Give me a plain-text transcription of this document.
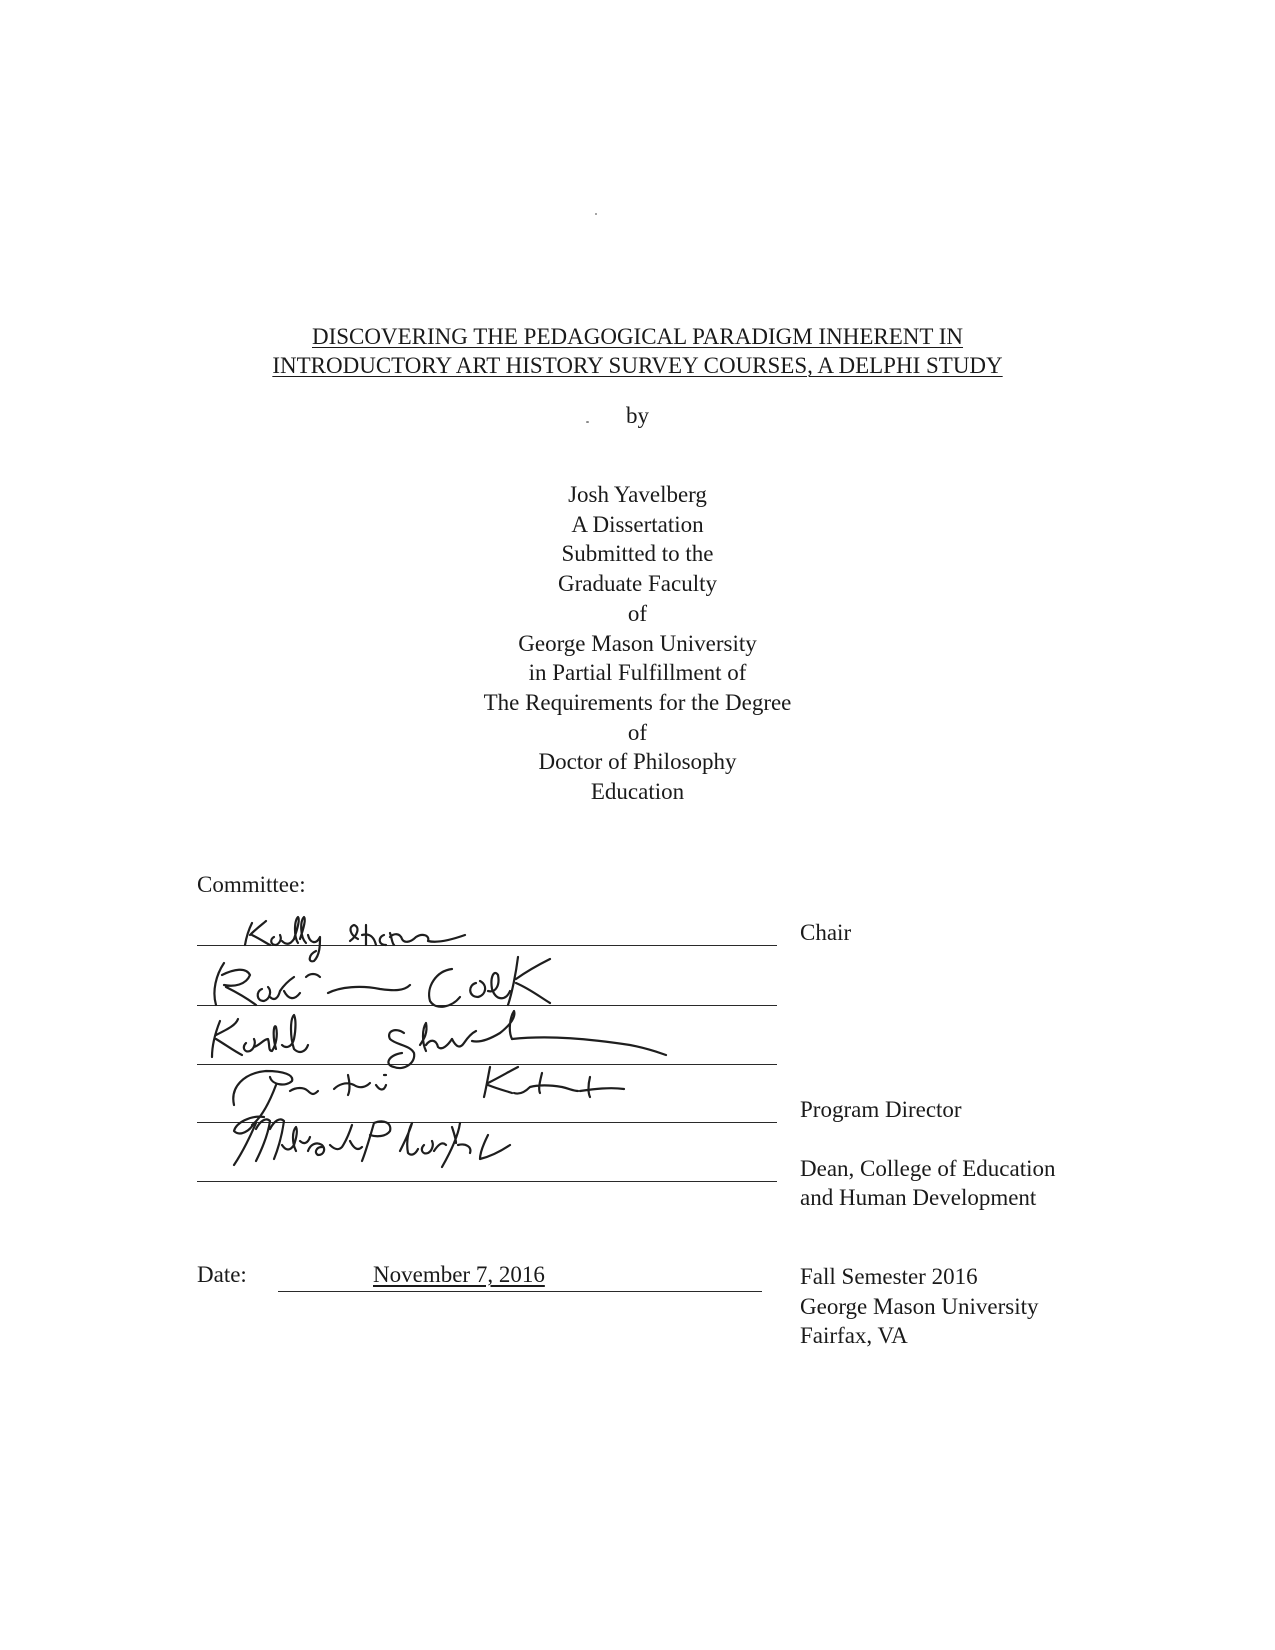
DISCOVERING THE PEDAGOGICAL PARADIGM INHERENT IN
INTRODUCTORY ART HISTORY SURVEY COURSES, A DELPHI STUDY
by
Josh Yavelberg
A Dissertation
Submitted to the
Graduate Faculty
of
George Mason University
in Partial Fulfillment of
The Requirements for the Degree
of
Doctor of Philosophy
Education
Committee:
Chair
Program Director
Dean, College of Education
and Human Development
Date:	November 7, 2016	Fall Semester 2016
George Mason University
Fairfax, VA
